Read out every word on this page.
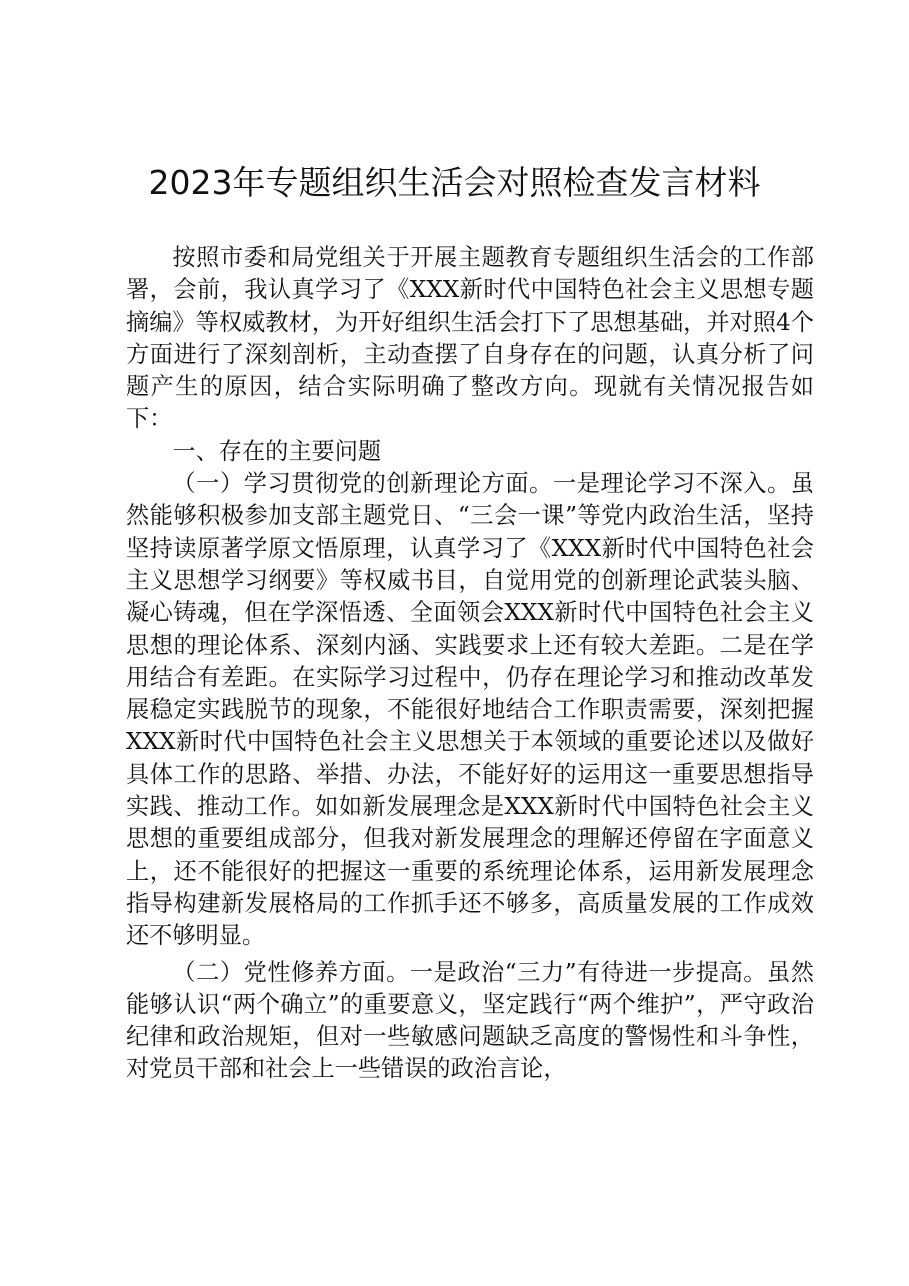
2023年专题组织生活会对照检查发言材料

按照市委和局党组关于开展主题教育专题组织生活会的工作部署，会前，我认真学习了《XXX新时代中国特色社会主义思想专题摘编》等权威教材，为开好组织生活会打下了思想基础，并对照4个方面进行了深刻剖析，主动查摆了自身存在的问题，认真分析了问题产生的原因，结合实际明确了整改方向。现就有关情况报告如下：

一、存在的主要问题

（一）学习贯彻党的创新理论方面。一是理论学习不深入。虽然能够积极参加支部主题党日、“三会一课”等党内政治生活，坚持坚持读原著学原文悟原理，认真学习了《XXX新时代中国特色社会主义思想学习纲要》等权威书目，自觉用党的创新理论武装头脑、凝心铸魂，但在学深悟透、全面领会XXX新时代中国特色社会主义思想的理论体系、深刻内涵、实践要求上还有较大差距。二是在学用结合有差距。在实际学习过程中，仍存在理论学习和推动改革发展稳定实践脱节的现象，不能很好地结合工作职责需要，深刻把握XXX新时代中国特色社会主义思想关于本领域的重要论述以及做好具体工作的思路、举措、办法，不能好好的运用这一重要思想指导实践、推动工作。如如新发展理念是XXX新时代中国特色社会主义思想的重要组成部分，但我对新发展理念的理解还停留在字面意义上，还不能很好的把握这一重要的系统理论体系，运用新发展理念指导构建新发展格局的工作抓手还不够多，高质量发展的工作成效还不够明显。

（二）党性修养方面。一是政治“三力”有待进一步提高。虽然能够认识“两个确立”的重要意义，坚定践行“两个维护”，严守政治纪律和政治规矩，但对一些敏感问题缺乏高度的警惕性和斗争性，对党员干部和社会上一些错误的政治言论，
